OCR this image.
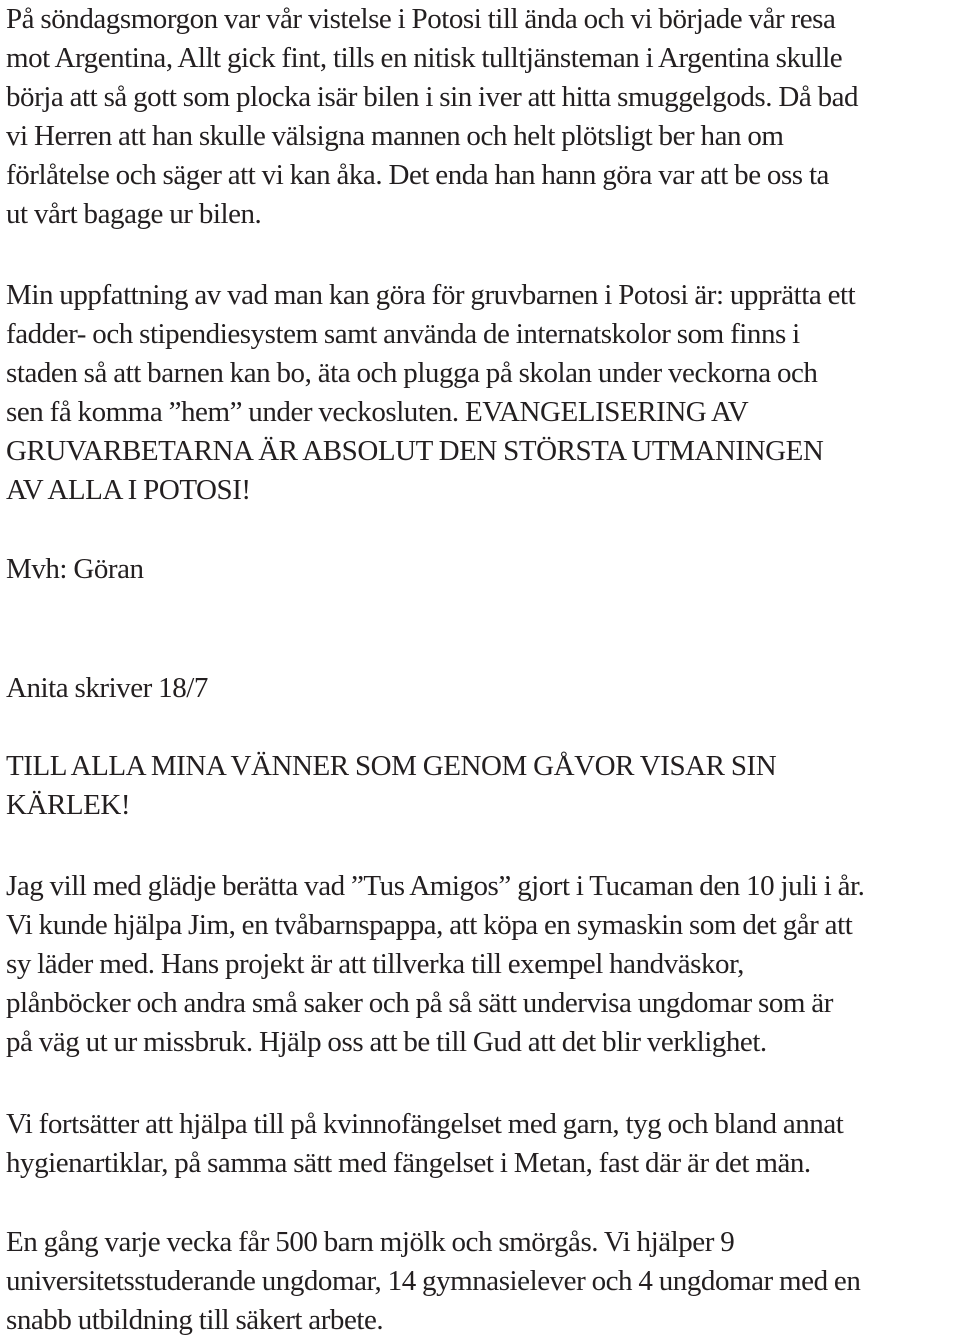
På söndagsmorgon var vår vistelse i Potosi till ända och vi började vår resa
mot Argentina, Allt gick fint, tills en nitisk tulltjänsteman i Argentina skulle
börja att så gott som plocka isär bilen i sin iver att hitta smuggelgods. Då bad
vi Herren att han skulle välsigna mannen och helt plötsligt ber han om
förlåtelse och säger att vi kan åka. Det enda han hann göra var att be oss ta
ut vårt bagage ur bilen.
Min uppfattning av vad man kan göra för gruvbarnen i Potosi är: upprätta ett
fadder- och stipendiesystem samt använda de internatskolor som finns i
staden så att barnen kan bo, äta och plugga på skolan under veckorna och
sen få komma ”hem” under veckosluten. EVANGELISERING AV
GRUVARBETARNA ÄR ABSOLUT DEN STÖRSTA UTMANINGEN
AV ALLA I POTOSI!
Mvh: Göran
Anita skriver 18/7
TILL ALLA MINA VÄNNER SOM GENOM GÅVOR VISAR SIN
KÄRLEK!
Jag vill med glädje berätta vad ”Tus Amigos” gjort i Tucaman den 10 juli i år.
Vi kunde hjälpa Jim, en tvåbarnspappa, att köpa en symaskin som det går att
sy läder med. Hans projekt är att tillverka till exempel handväskor,
plånböcker och andra små saker och på så sätt undervisa ungdomar som är
på väg ut ur missbruk. Hjälp oss att be till Gud att det blir verklighet.
Vi fortsätter att hjälpa till på kvinnofängelset med garn, tyg och bland annat
hygienartiklar, på samma sätt med fängelset i Metan, fast där är det män.
En gång varje vecka får 500 barn mjölk och smörgås. Vi hjälper 9
universitetsstuderande ungdomar, 14 gymnasielever och 4 ungdomar med en
snabb utbildning till säkert arbete.
